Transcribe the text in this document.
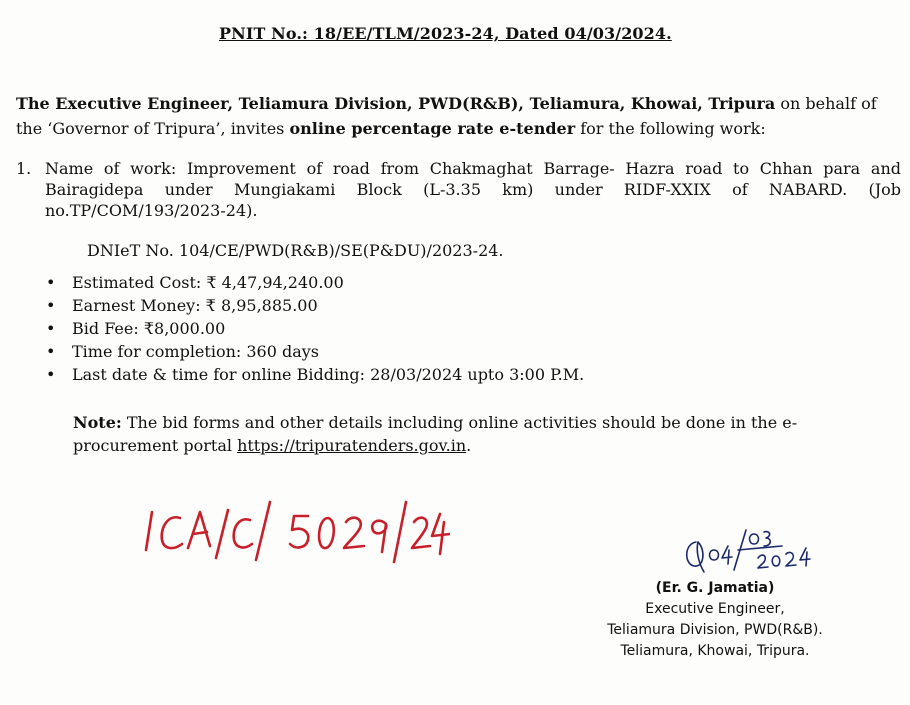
PNIT No.: 18/EE/TLM/2023-24, Dated 04/03/2024.
The Executive Engineer, Teliamura Division, PWD(R&B), Teliamura, Khowai, Tripura on behalf of the ‘Governor of Tripura’, invites online percentage rate e-tender for the following work:
1. Name of work: Improvement of road from Chakmaghat Barrage- Hazra road to Chhan para and Bairagidepa under Mungiakami Block (L-3.35 km) under RIDF-XXIX of NABARD. (Job no.TP/COM/193/2023-24).
DNIeT No. 104/CE/PWD(R&B)/SE(P&DU)/2023-24.
• Estimated Cost: ₹ 4,47,94,240.00
• Earnest Money: ₹ 8,95,885.00
• Bid Fee: ₹8,000.00
• Time for completion: 360 days
• Last date & time for online Bidding: 28/03/2024 upto 3:00 P.M.
Note: The bid forms and other details including online activities should be done in the e-procurement portal https://tripuratenders.gov.in.
(Er. G. Jamatia)
Executive Engineer,
Teliamura Division, PWD(R&B).
Teliamura, Khowai, Tripura.
